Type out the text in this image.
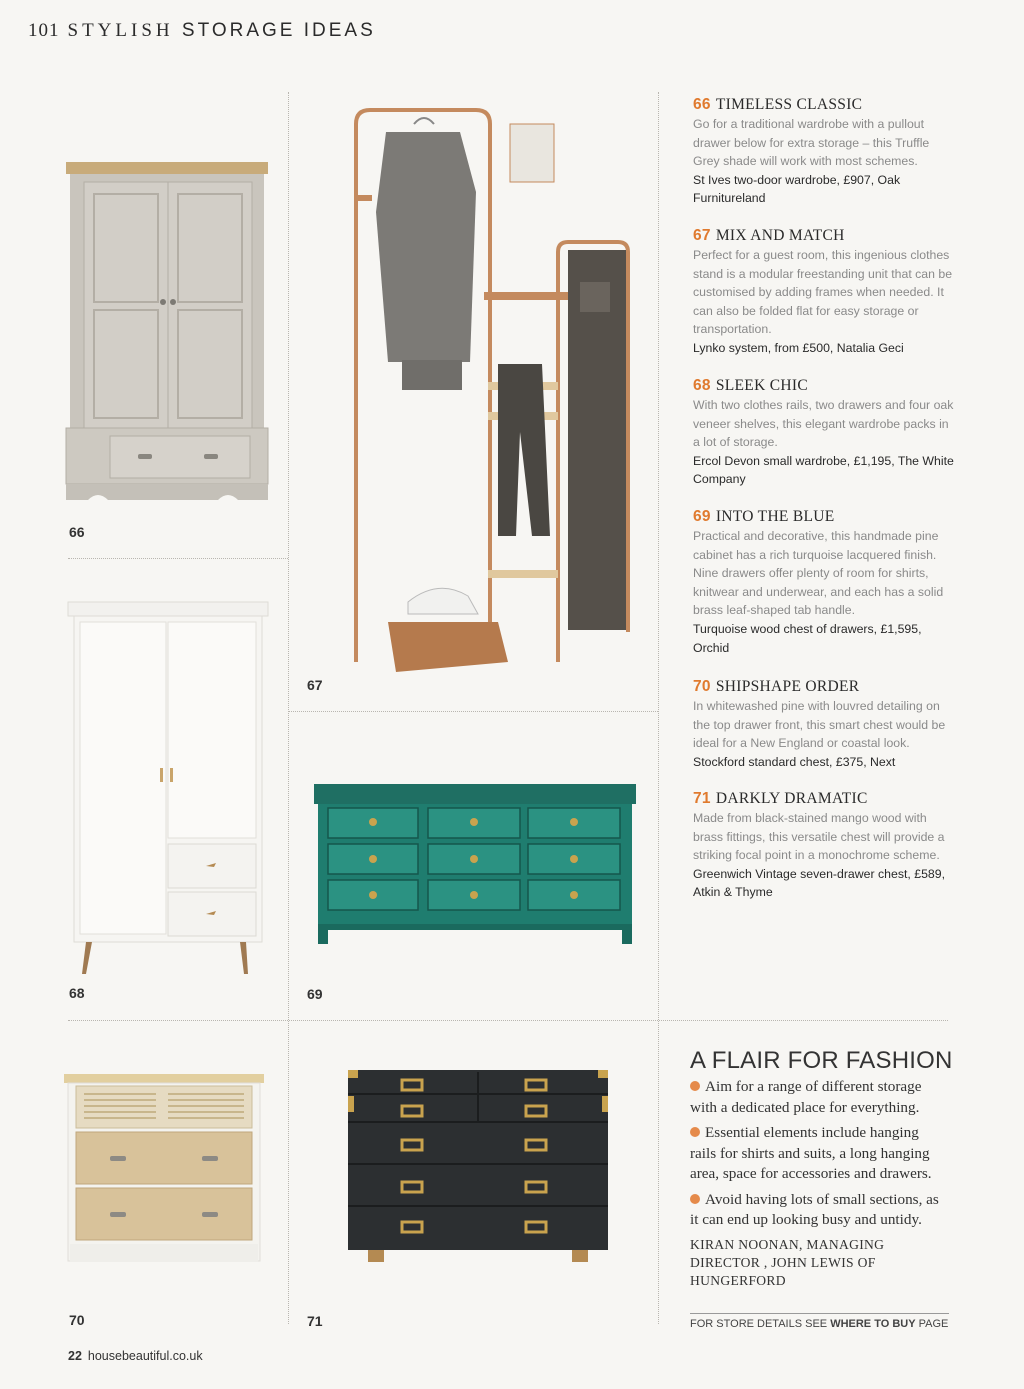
101 STYLISH STORAGE IDEAS
66
67
68	69
70	71
66 TIMELESS CLASSIC
Go for a traditional wardrobe with a pullout drawer below for extra storage – this Truffle Grey shade will work with most schemes.
St Ives two-door wardrobe, £907, Oak Furnitureland
67 MIX AND MATCH
Perfect for a guest room, this ingenious clothes stand is a modular freestanding unit that can be customised by adding frames when needed. It can also be folded flat for easy storage or transportation.
Lynko system, from £500, Natalia Geci
68 SLEEK CHIC
With two clothes rails, two drawers and four oak veneer shelves, this elegant wardrobe packs in a lot of storage.
Ercol Devon small wardrobe, £1,195, The White Company
69 INTO THE BLUE
Practical and decorative, this handmade pine cabinet has a rich turquoise lacquered finish. Nine drawers offer plenty of room for shirts, knitwear and underwear, and each has a solid brass leaf-shaped tab handle.
Turquoise wood chest of drawers, £1,595, Orchid
70 SHIPSHAPE ORDER
In whitewashed pine with louvred detailing on the top drawer front, this smart chest would be ideal for a New England or coastal look.
Stockford standard chest, £375, Next
71 DARKLY DRAMATIC
Made from black-stained mango wood with brass fittings, this versatile chest will provide a striking focal point in a monochrome scheme.
Greenwich Vintage seven-drawer chest, £589, Atkin & Thyme
A FLAIR FOR FASHION
Aim for a range of different storage with a dedicated place for everything.
Essential elements include hanging rails for shirts and suits, a long hanging area, space for accessories and drawers.
Avoid having lots of small sections, as it can end up looking busy and untidy.
KIRAN NOONAN, MANAGING DIRECTOR , JOHN LEWIS OF HUNGERFORD
FOR STORE DETAILS SEE WHERE TO BUY PAGE
22 housebeautiful.co.uk
